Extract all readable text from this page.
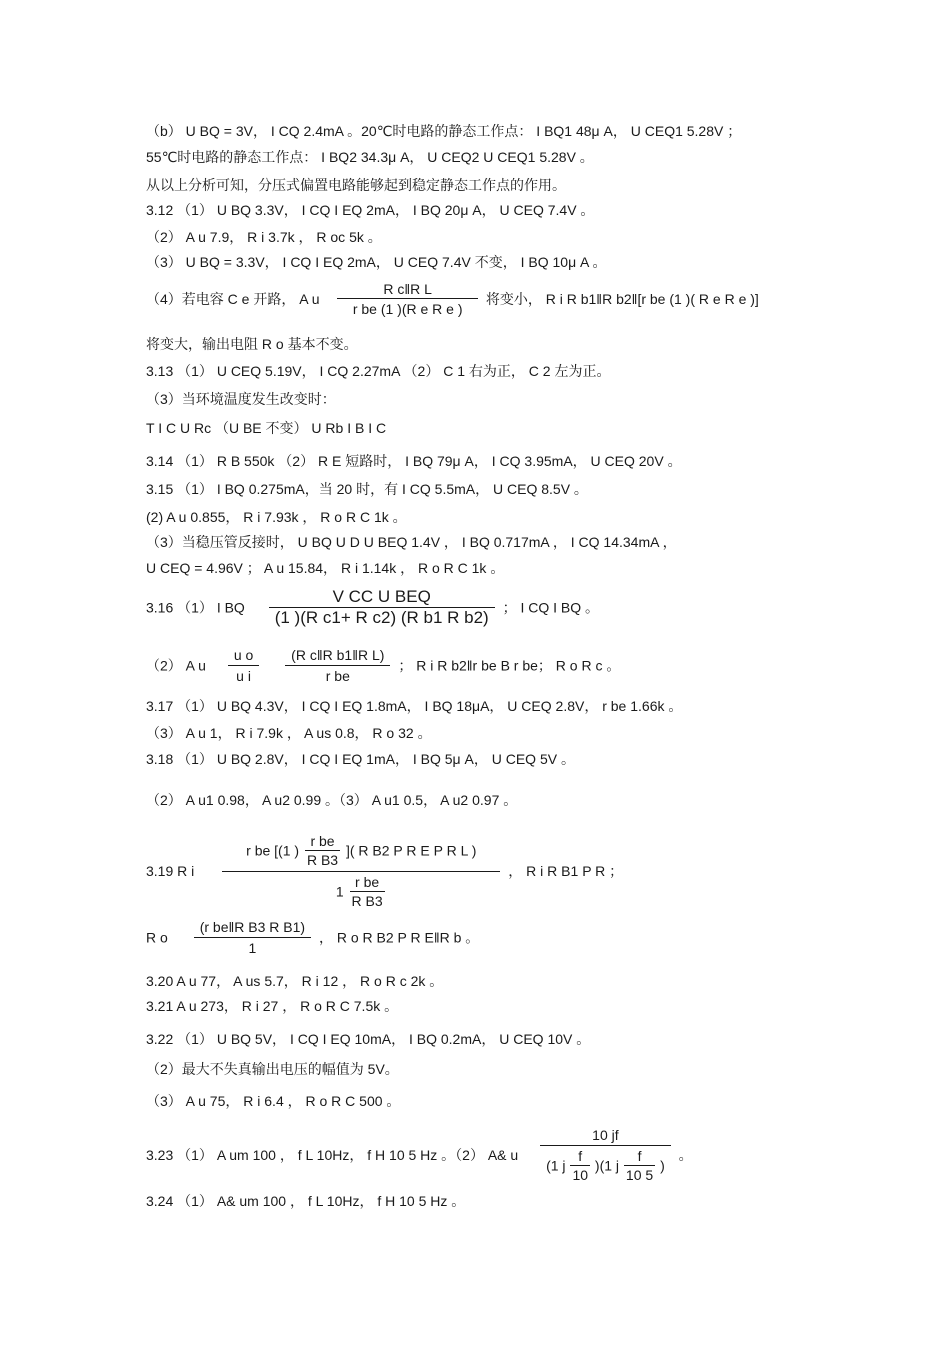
（b） U BQ = 3V， I CQ 2.4mA 。20℃时电路的静态工作点： I BQ1 48μ A， U CEQ1 5.28V ；
55℃时电路的静态工作点： I BQ2 34.3μ A， U CEQ2 U CEQ1 5.28V 。
从以上分析可知，分压式偏置电路能够起到稳定静态工作点的作用。
3.12 （1） U BQ 3.3V， I CQ I EQ 2mA， I BQ 20μ A， U CEQ 7.4V 。
（2） A u 7.9， R i 3.7k ， R oc 5k 。
（3） U BQ = 3.3V， I CQ I EQ 2mA， U CEQ 7.4V 不变， I BQ 10μ A 。
（4）若电容 C e 开路， A u $\frac{\text{R c‖R L}}{\text{r be (1 )(R e R e )}}$ 将变小， R i R b1‖R b2‖[r be (1 )( R e R e )]
将变大，输出电阻 R o 基本不变。
3.13 （1） U CEQ 5.19V， I CQ 2.27mA （2） C 1 右为正， C 2 左为正。
（3）当环境温度发生改变时：
T I C U Rc （U BE 不变） U Rb I B I C
3.14 （1） R B 550k （2） R E 短路时， I BQ 79μ A， I CQ 3.95mA， U CEQ 20V 。
3.15 （1） I BQ 0.275mA，当 20 时，有 I CQ 5.5mA， U CEQ 8.5V 。
(2) A u 0.855， R i 7.93k ， R o R C 1k 。
（3）当稳压管反接时， U BQ U D U BEQ 1.4V ， I BQ 0.717mA ， I CQ 14.34mA ，
U CEQ = 4.96V ； A u 15.84， R i 1.14k ， R o R C 1k 。
3.16 （1） I BQ $\frac{\text{V CC U BEQ}}{\text{(1 )(R c1+ R c2) (R b1 R b2)}}$ ； I CQ I BQ 。
（2） A u $\frac{\text{u o}}{\text{u i}}$
$\frac{\text{(R c‖R b1‖R L)}}{\text{r be}}$ ； R i R b2‖r be B r be； R o R c 。
3.17 （1） U BQ 4.3V， I CQ I EQ 1.8mA， I BQ 18μA， U CEQ 2.8V， r be 1.66k 。
（3） A u 1， R i 7.9k ， A us 0.8， R o 32 。
3.18 （1） U BQ 2.8V， I CQ I EQ 1mA， I BQ 5μ A， U CEQ 5V 。
（2） A u1 0.98， A u2 0.99 。（3） A u1 0.5， A u2 0.97 。
3.19 R i
r be [(1 ) $\frac{\text{r be}}{\text{R B3}}$ ]( R B2 P R E P R L )
$1 \frac{\text{r be}}{\text{R B3}}$
， R i R B1 P R ；
R o $\frac{\text{(r be‖R B3 R B1)}}{1}$ ， R o R B2 P R E‖R b 。
3.20 A u 77， A us 5.7， R i 12 ， R o R c 2k 。
3.21 A u 273， R i 27 ， R o R C 7.5k 。
3.22 （1） U BQ 5V， I CQ I EQ 10mA， I BQ 0.2mA， U CEQ 10V 。
（2）最大不失真输出电压的幅值为 5V。
（3） A u 75， R i 6.4 ， R o R C 500 。
3.23 （1） A um 100 ， f L 10Hz， f H 10 5 Hz 。（2） A& u
10 jf
(1 j $\frac{f}{10} )(1$ j $\frac{f}{10 5}$ )
。
3.24 （1） A& um 100 ， f L 10Hz， f H 10 5 Hz 。
